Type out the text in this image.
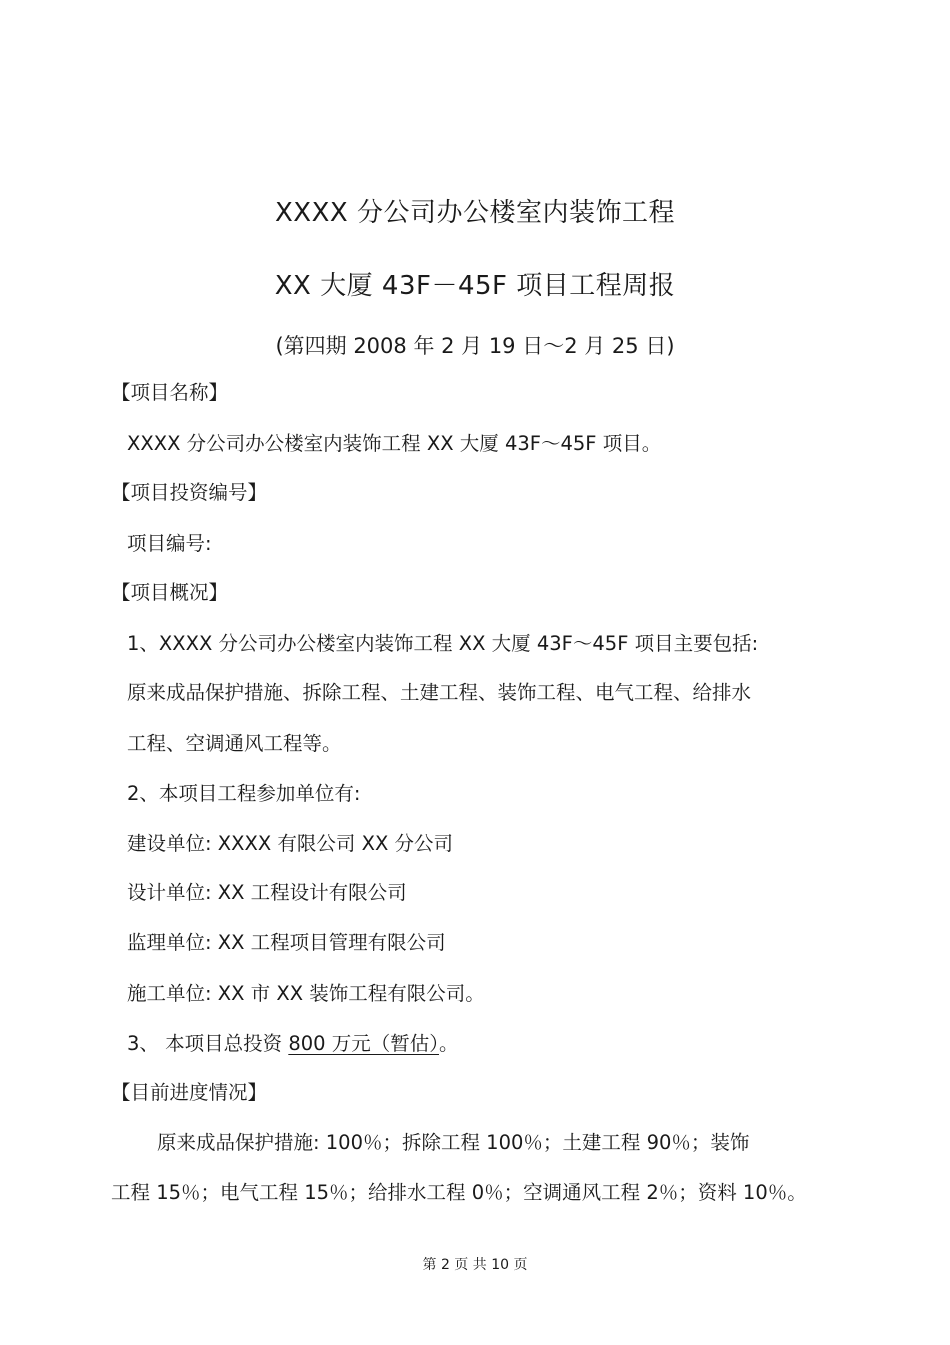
XXXX 分公司办公楼室内装饰工程
XX 大厦 43F－45F 项目工程周报
(第四期 2008 年 2 月 19 日～2 月 25 日)
【项目名称】
XXXX 分公司办公楼室内装饰工程 XX 大厦 43F～45F 项目。
【项目投资编号】
项目编号:
【项目概况】
1、XXXX 分公司办公楼室内装饰工程 XX 大厦 43F～45F 项目主要包括:
原来成品保护措施、拆除工程、土建工程、装饰工程、电气工程、给排水
工程、空调通风工程等。
2、本项目工程参加单位有:
建设单位: XXXX 有限公司 XX 分公司
设计单位: XX 工程设计有限公司
监理单位: XX 工程项目管理有限公司
施工单位: XX 市 XX 装饰工程有限公司。
3、 本项目总投资 800 万元（暂估）。
【目前进度情况】
原来成品保护措施: 100％；拆除工程 100％；土建工程 90％；装饰
工程 15％；电气工程 15％；给排水工程 0％；空调通风工程 2％；资料 10％。
第 2 页 共 10 页
